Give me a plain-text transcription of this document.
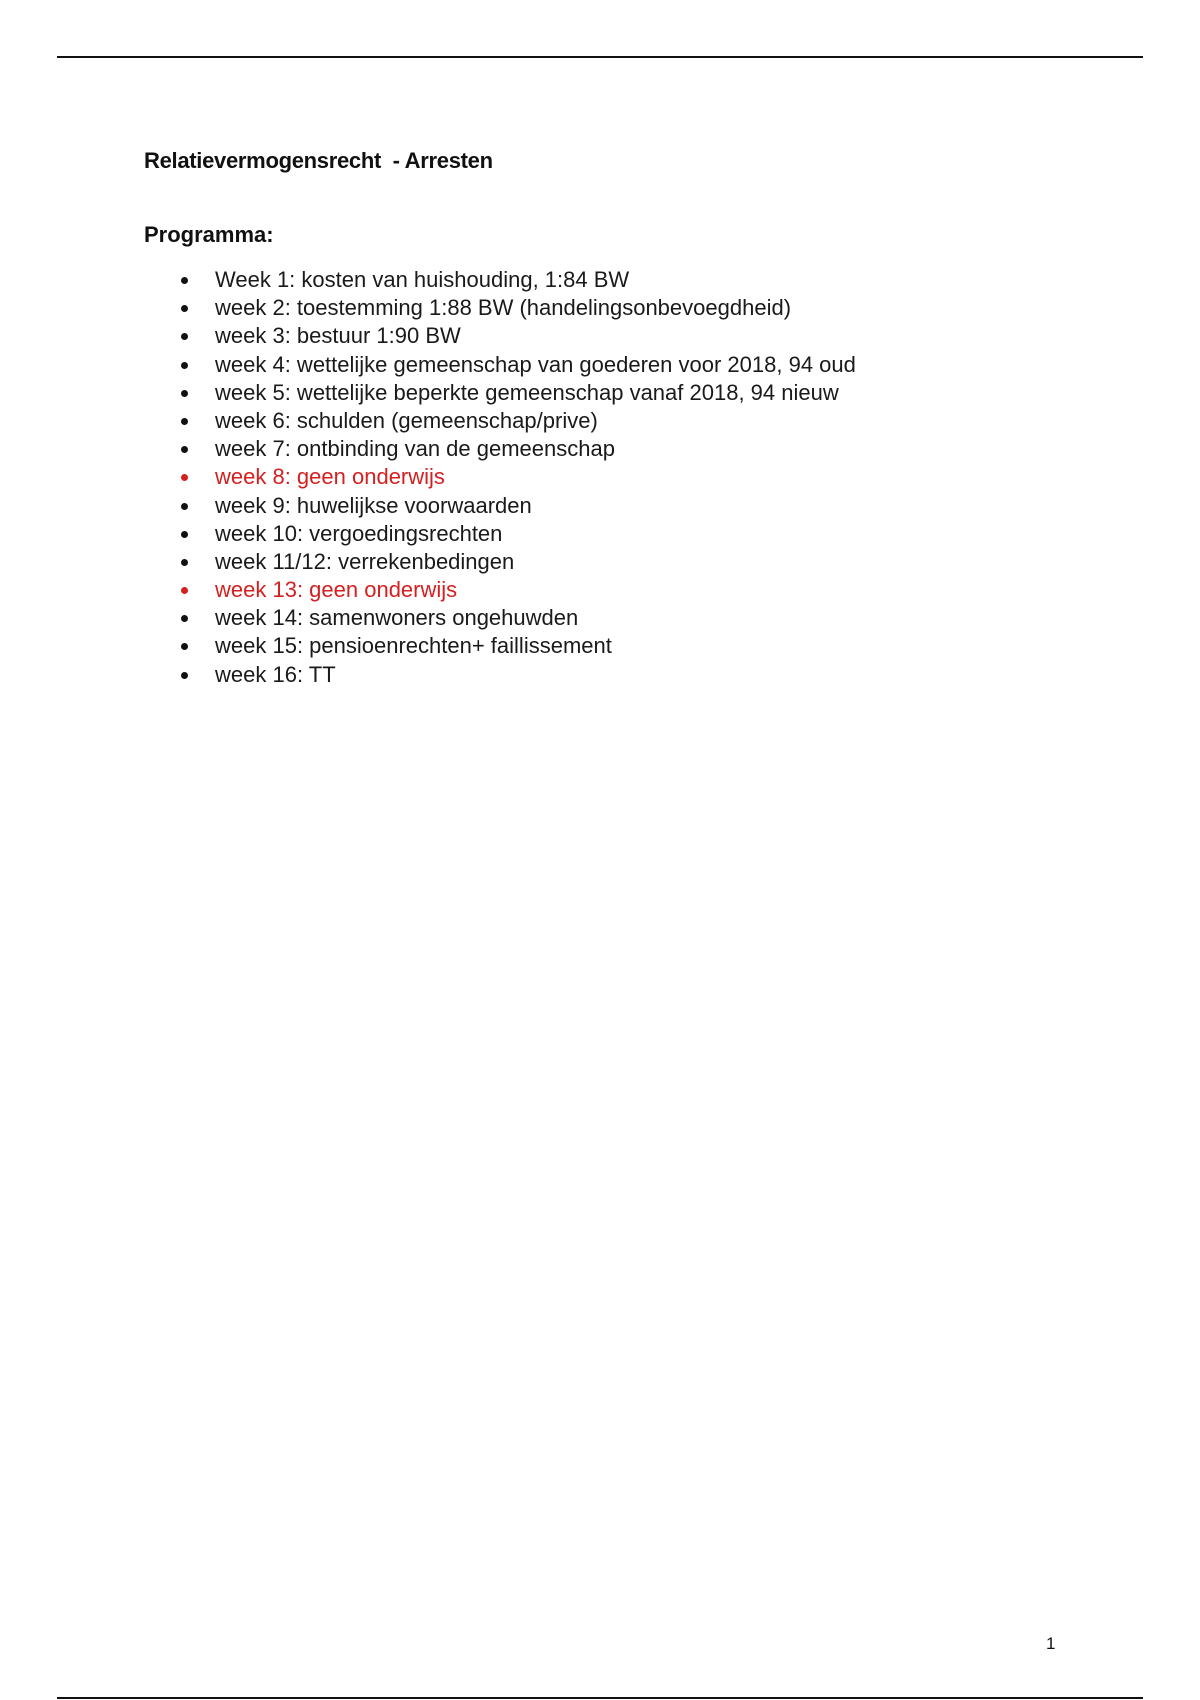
Relatievermogensrecht  - Arresten
Programma:
Week 1: kosten van huishouding, 1:84 BW
week 2: toestemming 1:88 BW (handelingsonbevoegdheid)
week 3: bestuur 1:90 BW
week 4: wettelijke gemeenschap van goederen voor 2018, 94 oud
week 5: wettelijke beperkte gemeenschap vanaf 2018, 94 nieuw
week 6: schulden (gemeenschap/prive)
week 7: ontbinding van de gemeenschap
week 8: geen onderwijs
week 9: huwelijkse voorwaarden
week 10: vergoedingsrechten
week 11/12: verrekenbedingen
week 13: geen onderwijs
week 14: samenwoners ongehuwden
week 15: pensioenrechten+ faillissement
week 16: TT
1
